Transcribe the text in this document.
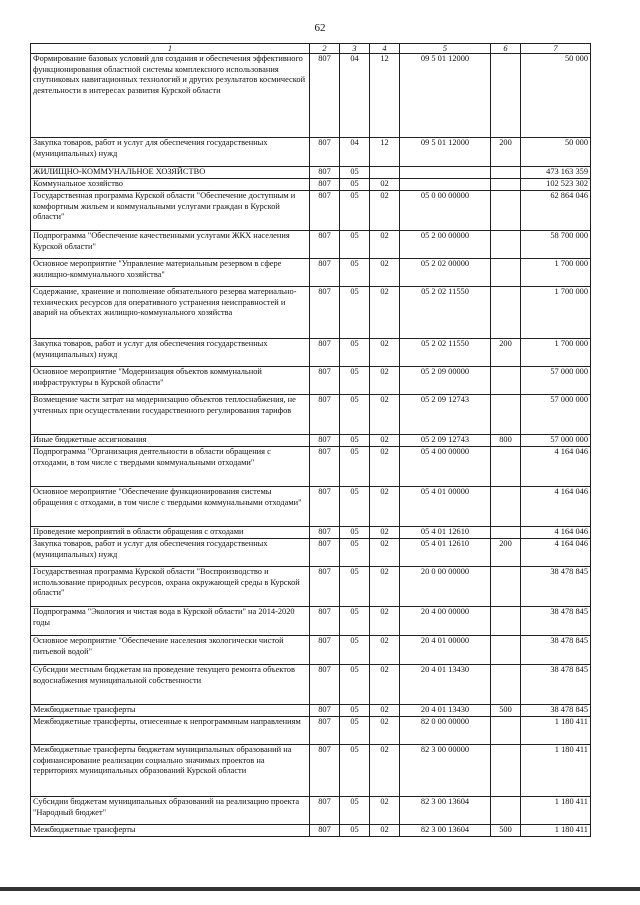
62
1	2	3	4	5	6	7
Формирование базовых условий для создания и обеспечения эффективного функционирования областной системы комплексного использования спутниковых навигационных технологий и других результатов космической деятельности в интересах развития Курской области	807	04	12	09 5 01 12000		50 000
Закупка товаров, работ и услуг для обеспечения государственных (муниципальных) нужд	807	04	12	09 5 01 12000	200	50 000
ЖИЛИЩНО-КОММУНАЛЬНОЕ ХОЗЯЙСТВО	807	05				473 163 359
Коммунальное хозяйство	807	05	02			102 523 302
Государственная программа Курской области "Обеспечение доступным и комфортным жильем и коммунальными услугами граждан в Курской области"	807	05	02	05 0 00 00000		62 864 046
Подпрограмма "Обеспечение качественными услугами ЖКХ населения Курской области"	807	05	02	05 2 00 00000		58 700 000
Основное мероприятие "Управление материальным резервом в сфере жилищно-коммунального хозяйства"	807	05	02	05 2 02 00000		1 700 000
Содержание, хранение и пополнение обязательного резерва материально-технических ресурсов для оперативного устранения неисправностей и аварий на объектах жилищно-коммунального хозяйства	807	05	02	05 2 02 11550		1 700 000
Закупка товаров, работ и услуг для обеспечения государственных (муниципальных) нужд	807	05	02	05 2 02 11550	200	1 700 000
Основное мероприятие "Модернизация объектов коммунальной инфраструктуры в Курской области"	807	05	02	05 2 09 00000		57 000 000
Возмещение части затрат на модернизацию объектов теплоснабжения, не учтенных при осуществлении государственного регулирования тарифов	807	05	02	05 2 09 12743		57 000 000
Иные бюджетные ассигнования	807	05	02	05 2 09 12743	800	57 000 000
Подпрограмма "Организация деятельности в области обращения с отходами, в том числе с твердыми коммунальными отходами"	807	05	02	05 4 00 00000		4 164 046
Основное мероприятие "Обеспечение функционирования системы обращения с отходами, в том числе с твердыми коммунальными отходами"	807	05	02	05 4 01 00000		4 164 046
Проведение мероприятий в области обращения с отходами	807	05	02	05 4 01 12610		4 164 046
Закупка товаров, работ и услуг для обеспечения государственных (муниципальных) нужд	807	05	02	05 4 01 12610	200	4 164 046
Государственная программа Курской области "Воспроизводство и использование природных ресурсов, охрана окружающей среды в Курской области"	807	05	02	20 0 00 00000		38 478 845
Подпрограмма "Экология и чистая вода в Курской области" на 2014-2020 годы	807	05	02	20 4 00 00000		38 478 845
Основное мероприятие "Обеспечение населения экологически чистой питьевой водой"	807	05	02	20 4 01 00000		38 478 845
Субсидии местным бюджетам на проведение текущего ремонта объектов водоснабжения муниципальной собственности	807	05	02	20 4 01 13430		38 478 845
Межбюджетные трансферты	807	05	02	20 4 01 13430	500	38 478 845
Межбюджетные трансферты, отнесенные к непрограммным направлениям	807	05	02	82 0 00 00000		1 180 411
Межбюджетные трансферты бюджетам муниципальных образований на софинансирование реализации социально значимых проектов на территориях муниципальных образований Курской области	807	05	02	82 3 00 00000		1 180 411
Субсидии бюджетам муниципальных образований на реализацию проекта "Народный бюджет"	807	05	02	82 3 00 13604		1 180 411
Межбюджетные трансферты	807	05	02	82 3 00 13604	500	1 180 411
